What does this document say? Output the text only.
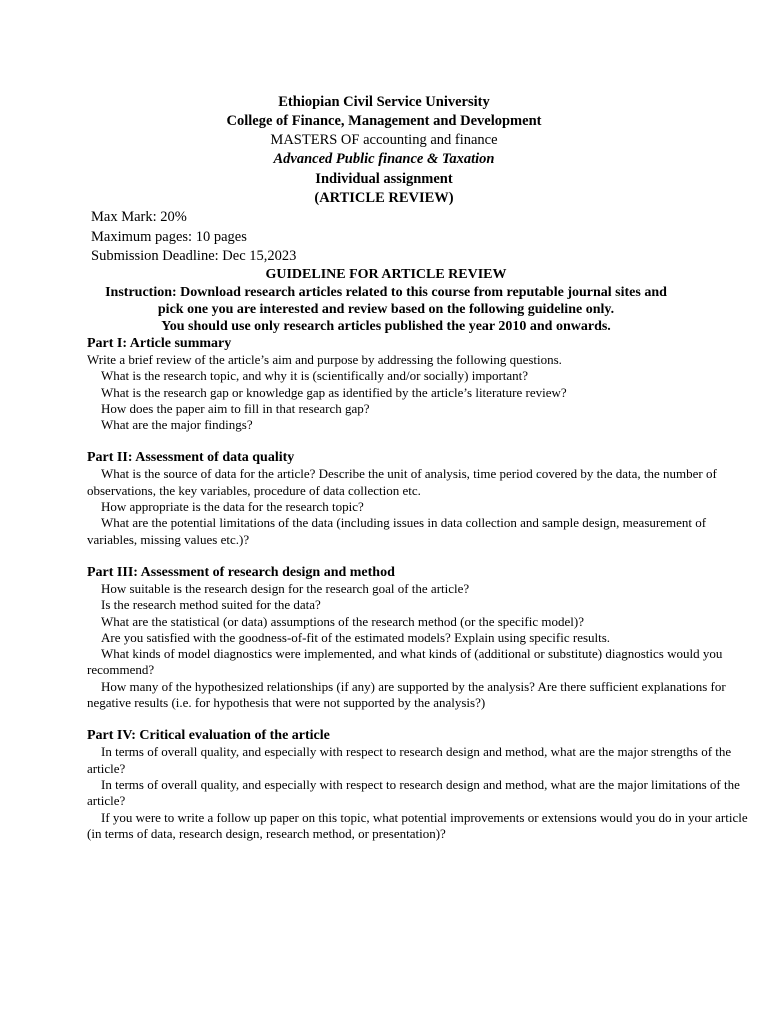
Ethiopian Civil Service University
College of Finance, Management and Development
MASTERS OF accounting and finance
Advanced Public finance & Taxation
Individual assignment
(ARTICLE REVIEW)
Max Mark: 20%
Maximum pages: 10 pages
Submission Deadline: Dec 15,2023
GUIDELINE FOR ARTICLE REVIEW
Instruction: Download research articles related to this course from reputable journal sites and
pick one you are interested and review based on the following guideline only.
You should use only research articles published the year 2010 and onwards.

Part I: Article summary

Write a brief review of the article’s aim and purpose by addressing the following questions.

What is the research topic, and why it is (scientifically and/or socially) important?

What is the research gap or knowledge gap as identified by the article’s literature review?

How does the paper aim to fill in that research gap?

What are the major findings?

Part II: Assessment of data quality

What is the source of data for the article? Describe the unit of analysis, time period covered by the data, the number of observations, the key variables, procedure of data collection etc.

How appropriate is the data for the research topic?

What are the potential limitations of the data (including issues in data collection and sample design, measurement of variables, missing values etc.)?

Part III: Assessment of research design and method

How suitable is the research design for the research goal of the article?

Is the research method suited for the data?

What are the statistical (or data) assumptions of the research method (or the specific model)?

Are you satisfied with the goodness-of-fit of the estimated models? Explain using specific results.

What kinds of model diagnostics were implemented, and what kinds of (additional or substitute) diagnostics would you recommend?

How many of the hypothesized relationships (if any) are supported by the analysis? Are there sufficient explanations for negative results (i.e. for hypothesis that were not supported by the analysis?)

Part IV: Critical evaluation of the article

In terms of overall quality, and especially with respect to research design and method, what are the major strengths of the article?

In terms of overall quality, and especially with respect to research design and method, what are the major limitations of the article?

If you were to write a follow up paper on this topic, what potential improvements or extensions would you do in your article (in terms of data, research design, research method, or presentation)?
